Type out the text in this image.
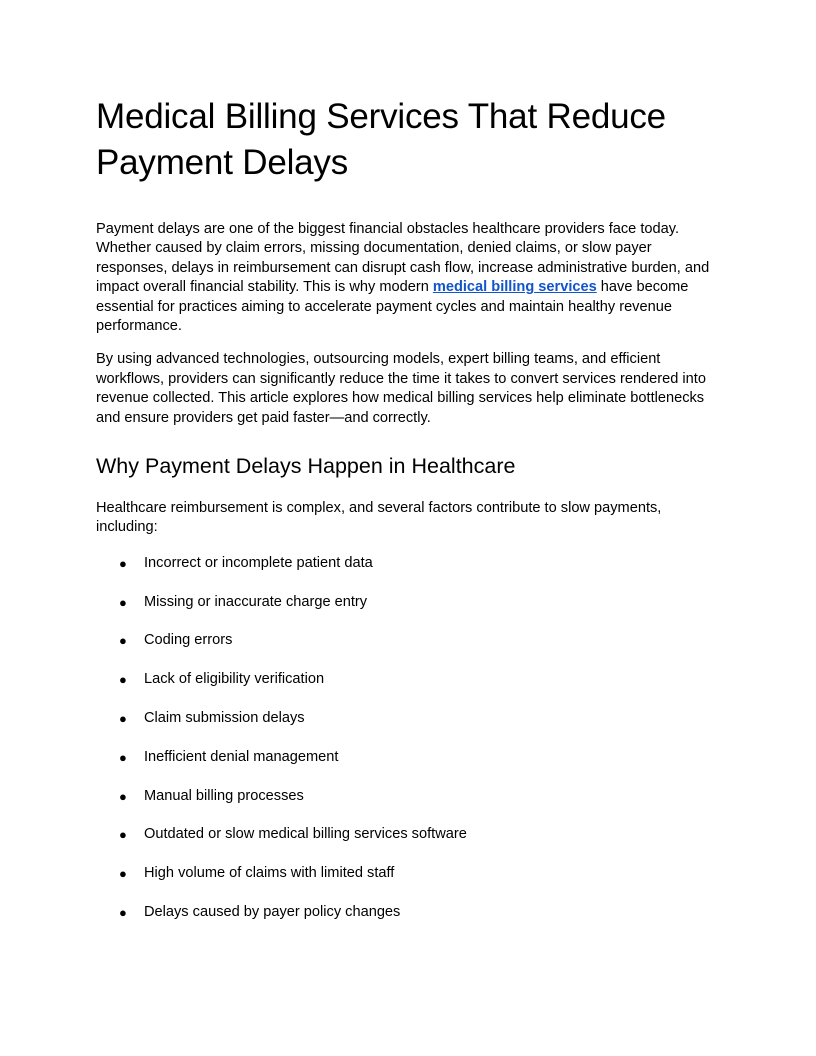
Medical Billing Services That Reduce Payment Delays

Payment delays are one of the biggest financial obstacles healthcare providers face today. Whether caused by claim errors, missing documentation, denied claims, or slow payer responses, delays in reimbursement can disrupt cash flow, increase administrative burden, and impact overall financial stability. This is why modern medical billing services have become essential for practices aiming to accelerate payment cycles and maintain healthy revenue performance.

By using advanced technologies, outsourcing models, expert billing teams, and efficient workflows, providers can significantly reduce the time it takes to convert services rendered into revenue collected. This article explores how medical billing services help eliminate bottlenecks and ensure providers get paid faster—and correctly.

Why Payment Delays Happen in Healthcare

Healthcare reimbursement is complex, and several factors contribute to slow payments, including:

● Incorrect or incomplete patient data
● Missing or inaccurate charge entry
● Coding errors
● Lack of eligibility verification
● Claim submission delays
● Inefficient denial management
● Manual billing processes
● Outdated or slow medical billing services software
● High volume of claims with limited staff
● Delays caused by payer policy changes
